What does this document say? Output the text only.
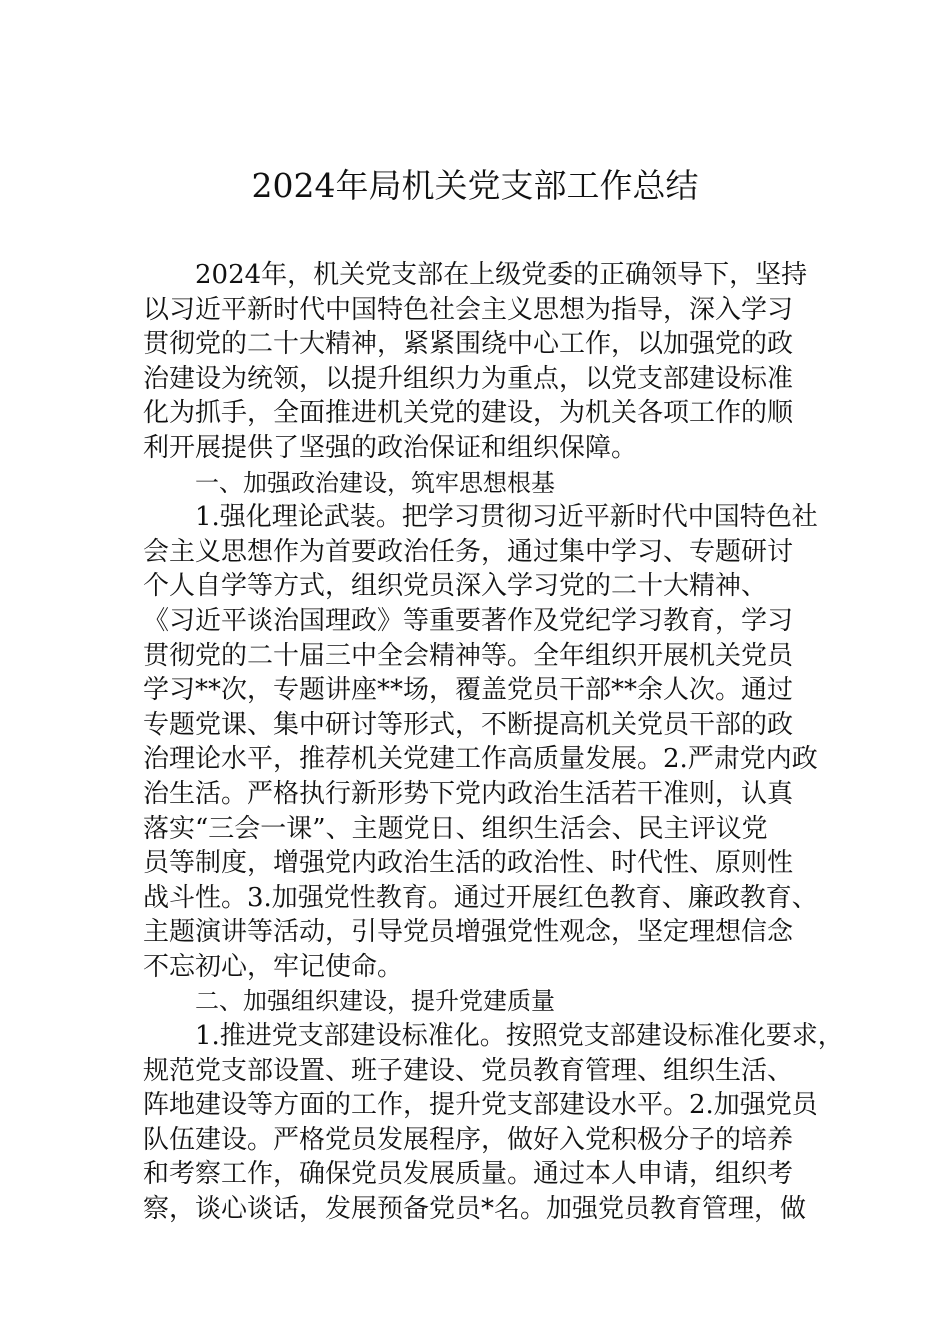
2024年局机关党支部工作总结
2024年，机关党支部在上级党委的正确领导下，坚持
以习近平新时代中国特色社会主义思想为指导，深入学习
贯彻党的二十大精神，紧紧围绕中心工作，以加强党的政
治建设为统领，以提升组织力为重点，以党支部建设标准
化为抓手，全面推进机关党的建设，为机关各项工作的顺
利开展提供了坚强的政治保证和组织保障。
一、加强政治建设，筑牢思想根基
1.强化理论武装。把学习贯彻习近平新时代中国特色社
会主义思想作为首要政治任务，通过集中学习、专题研讨
个人自学等方式，组织党员深入学习党的二十大精神、
《习近平谈治国理政》等重要著作及党纪学习教育，学习
贯彻党的二十届三中全会精神等。全年组织开展机关党员
学习**次，专题讲座**场，覆盖党员干部**余人次。通过
专题党课、集中研讨等形式，不断提高机关党员干部的政
治理论水平，推荐机关党建工作高质量发展。2.严肃党内政
治生活。严格执行新形势下党内政治生活若干准则，认真
落实“三会一课”、主题党日、组织生活会、民主评议党
员等制度，增强党内政治生活的政治性、时代性、原则性
战斗性。3.加强党性教育。通过开展红色教育、廉政教育、
主题演讲等活动，引导党员增强党性观念，坚定理想信念
不忘初心，牢记使命。
二、加强组织建设，提升党建质量
1.推进党支部建设标准化。按照党支部建设标准化要求，
规范党支部设置、班子建设、党员教育管理、组织生活、
阵地建设等方面的工作，提升党支部建设水平。2.加强党员
队伍建设。严格党员发展程序，做好入党积极分子的培养
和考察工作，确保党员发展质量。通过本人申请，组织考
察，谈心谈话，发展预备党员*名。加强党员教育管理，做
